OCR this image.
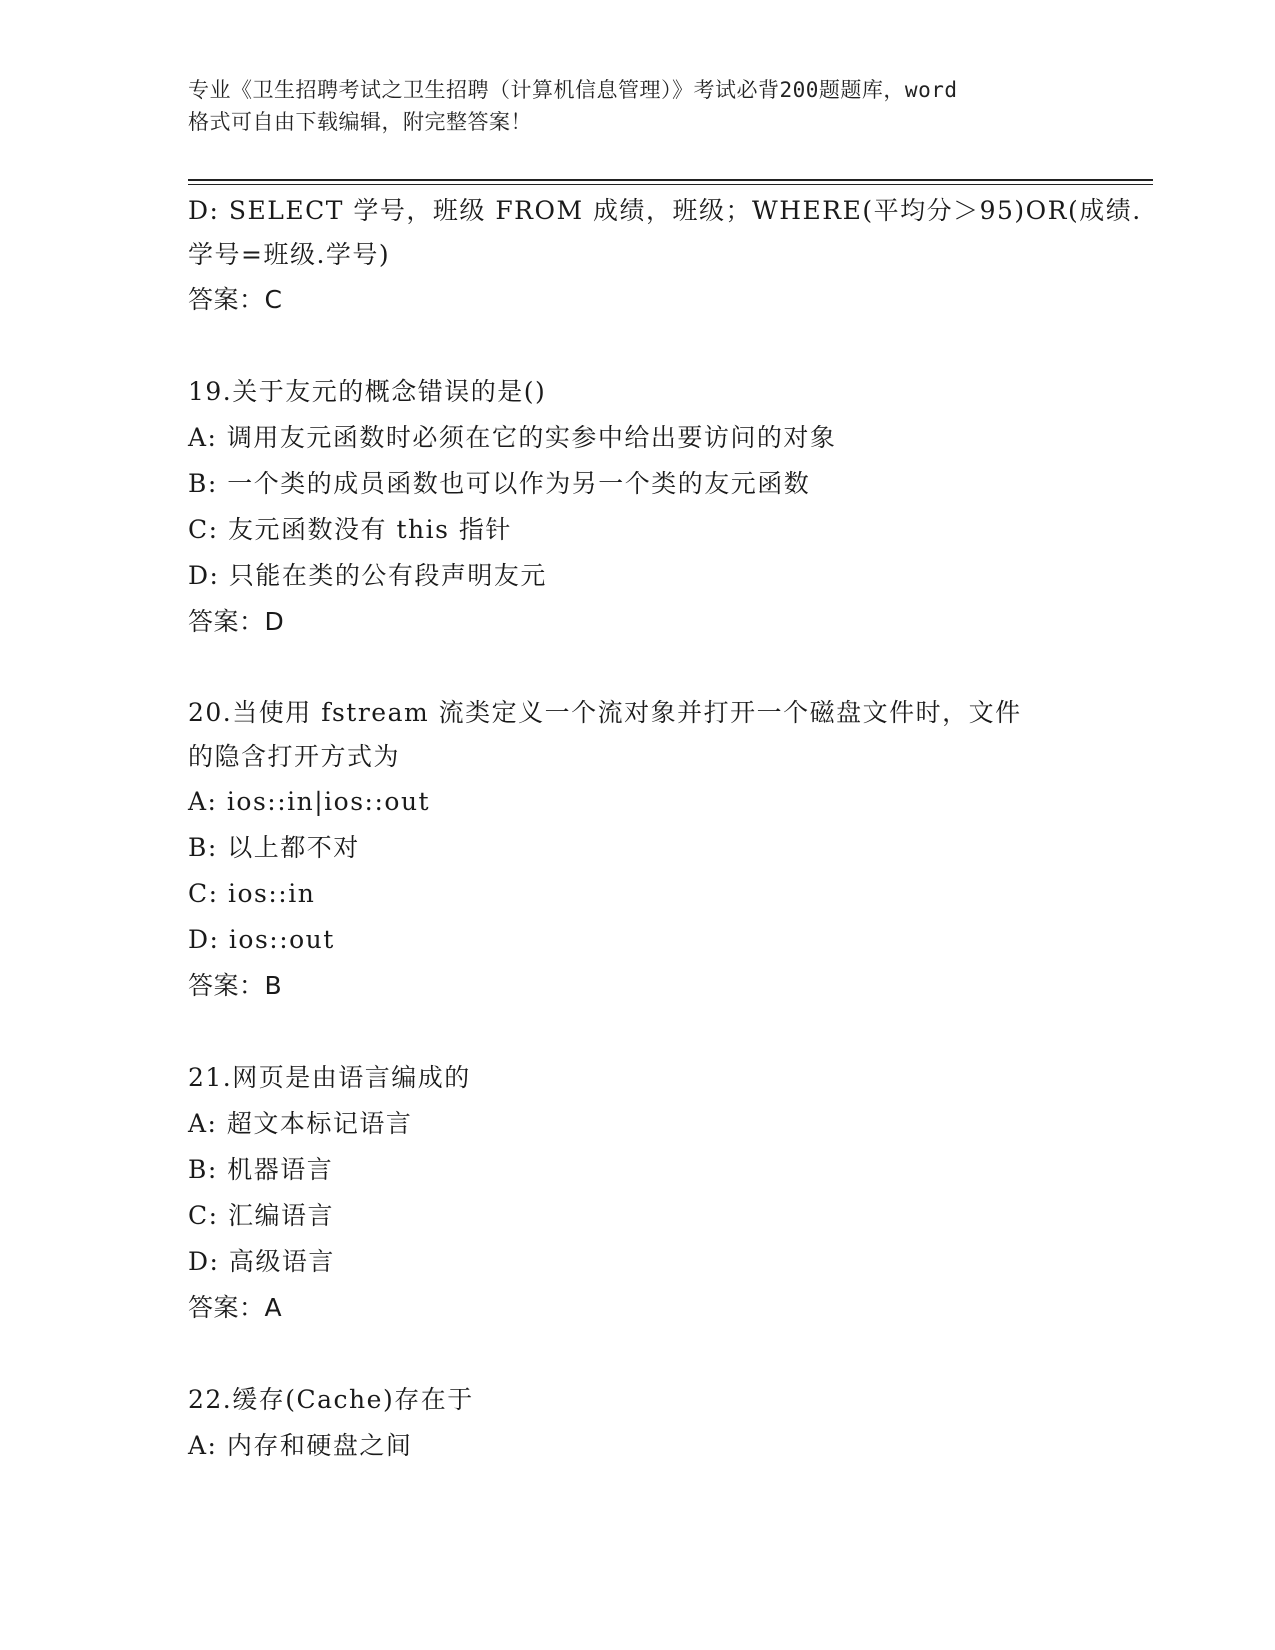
专业《卫生招聘考试之卫生招聘（计算机信息管理）》考试必背200题题库，word
格式可自由下载编辑，附完整答案！
D: SELECT 学号，班级 FROM 成绩，班级；WHERE(平均分＞95)OR(成绩.
学号=班级.学号)
答案：C
19.关于友元的概念错误的是()
A: 调用友元函数时必须在它的实参中给出要访问的对象
B: 一个类的成员函数也可以作为另一个类的友元函数
C: 友元函数没有 this 指针
D: 只能在类的公有段声明友元
答案：D
20.当使用 fstream 流类定义一个流对象并打开一个磁盘文件时，文件
的隐含打开方式为
A: ios::in|ios::out
B: 以上都不对
C: ios::in
D: ios::out
答案：B
21.网页是由语言编成的
A: 超文本标记语言
B: 机器语言
C: 汇编语言
D: 高级语言
答案：A
22.缓存(Cache)存在于
A: 内存和硬盘之间
